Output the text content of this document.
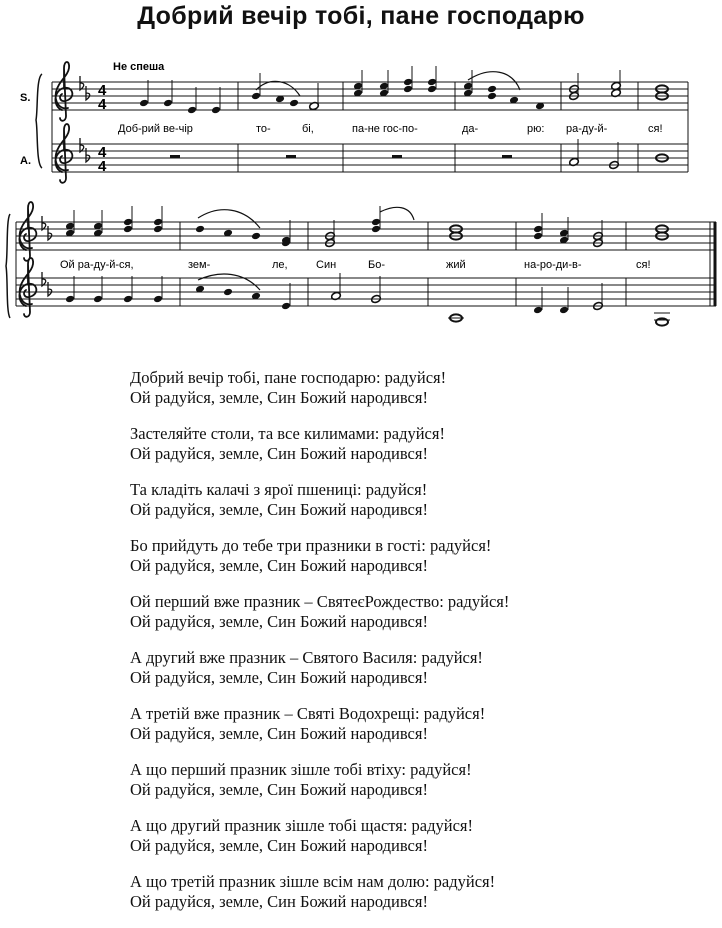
Добрий вечір тобі, пане господарю
Не спеша
S.
A.
4
4
4
4
Доб-рий ве-чір	то-	бі,	па-не гос-по-	да-	рю: ра-ду-й-	ся!
Ой ра-ду-й-ся,	зем-	ле,	Син	Бо-	жий	на-ро-ди-в-	ся!
Добрий вечір тобі, пане господарю: радуйся!
Ой радуйся, земле, Син Божий народився!
Застеляйте столи, та все килимами: радуйся!
Ой радуйся, земле, Син Божий народився!
Та кладіть калачі з ярої пшениці: радуйся!
Ой радуйся, земле, Син Божий народився!
Бо прийдуть до тебе три празники в гості: радуйся!
Ой радуйся, земле, Син Божий народився!
Ой перший вже празник – СвятеєРождество: радуйся!
Ой радуйся, земле, Син Божий народився!
А другий вже празник – Святого Василя: радуйся!
Ой радуйся, земле, Син Божий народився!
А третій вже празник – Святі Водохрещі: радуйся!
Ой радуйся, земле, Син Божий народився!
А що перший празник зішле тобі втіху: радуйся!
Ой радуйся, земле, Син Божий народився!
А що другий празник зішле тобі щастя: радуйся!
Ой радуйся, земле, Син Божий народився!
А що третій празник зішле всім нам долю: радуйся!
Ой радуйся, земле, Син Божий народився!
